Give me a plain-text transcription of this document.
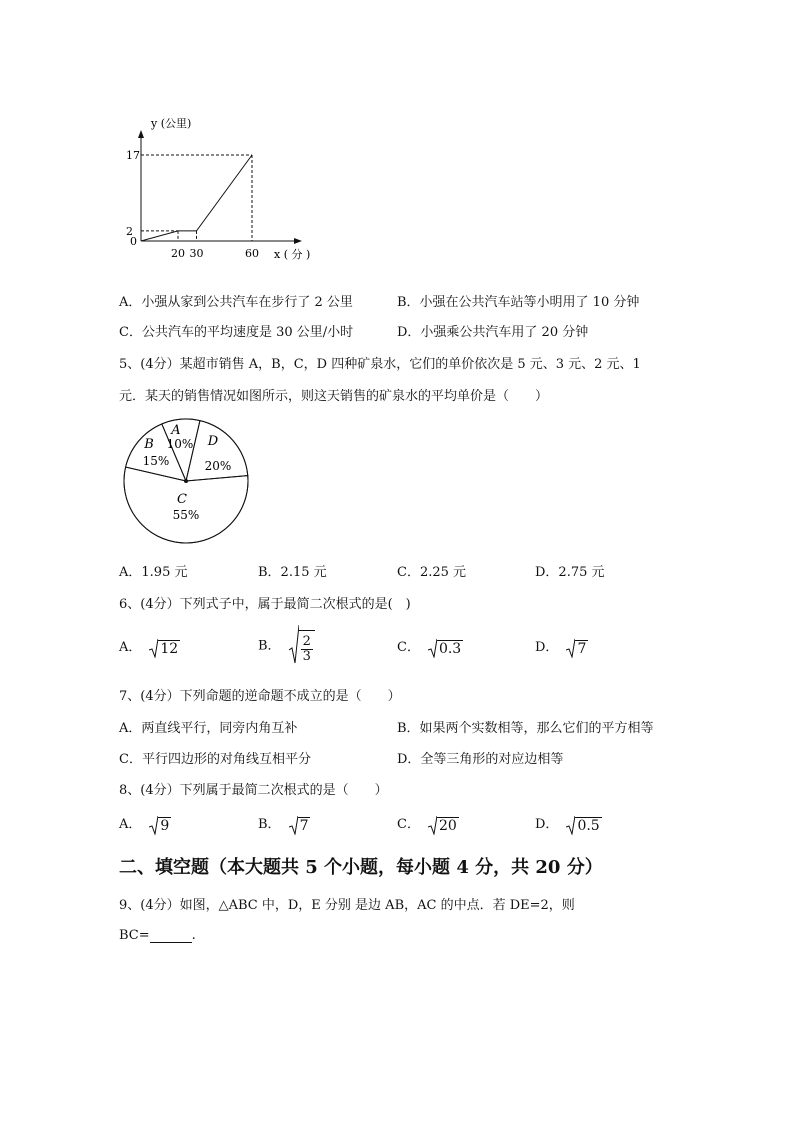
y (公里)
x ( 分 )
0
2
17
20 30	60
A．小强从家到公共汽车在步行了 2 公里	B．小强在公共汽车站等小明用了 10 分钟
C．公共汽车的平均速度是 30 公里/小时	D．小强乘公共汽车用了 20 分钟
5、(4分）某超市销售 A，B，C，D 四种矿泉水，它们的单价依次是 5 元、3 元、2 元、1
元．某天的销售情况如图所示，则这天销售的矿泉水的平均单价是（　　）
A
10% D
20%
C
55%
B
15%
A．1.95 元	B．2.15 元	C．2.25 元	D．2.75 元
6、(4分）下列式子中，属于最简二次根式的是(　)
A． 12	B． $\frac{2}{3}$	C． 0.3	D． 7
7、(4分）下列命题的逆命题不成立的是（　　）
A．两直线平行，同旁内角互补	B．如果两个实数相等，那么它们的平方相等
C．平行四边形的对角线互相平分	D．全等三角形的对应边相等
8、(4分）下列属于最简二次根式的是（　　）
A． 9	B． 7	C． 20	D． 0.5
二、填空题（本大题共 5 个小题，每小题 4 分，共 20 分）
9、(4分）如图，△ABC 中，D，E 分别 是边 AB，AC 的中点．若 DE=2，则
BC=	.
